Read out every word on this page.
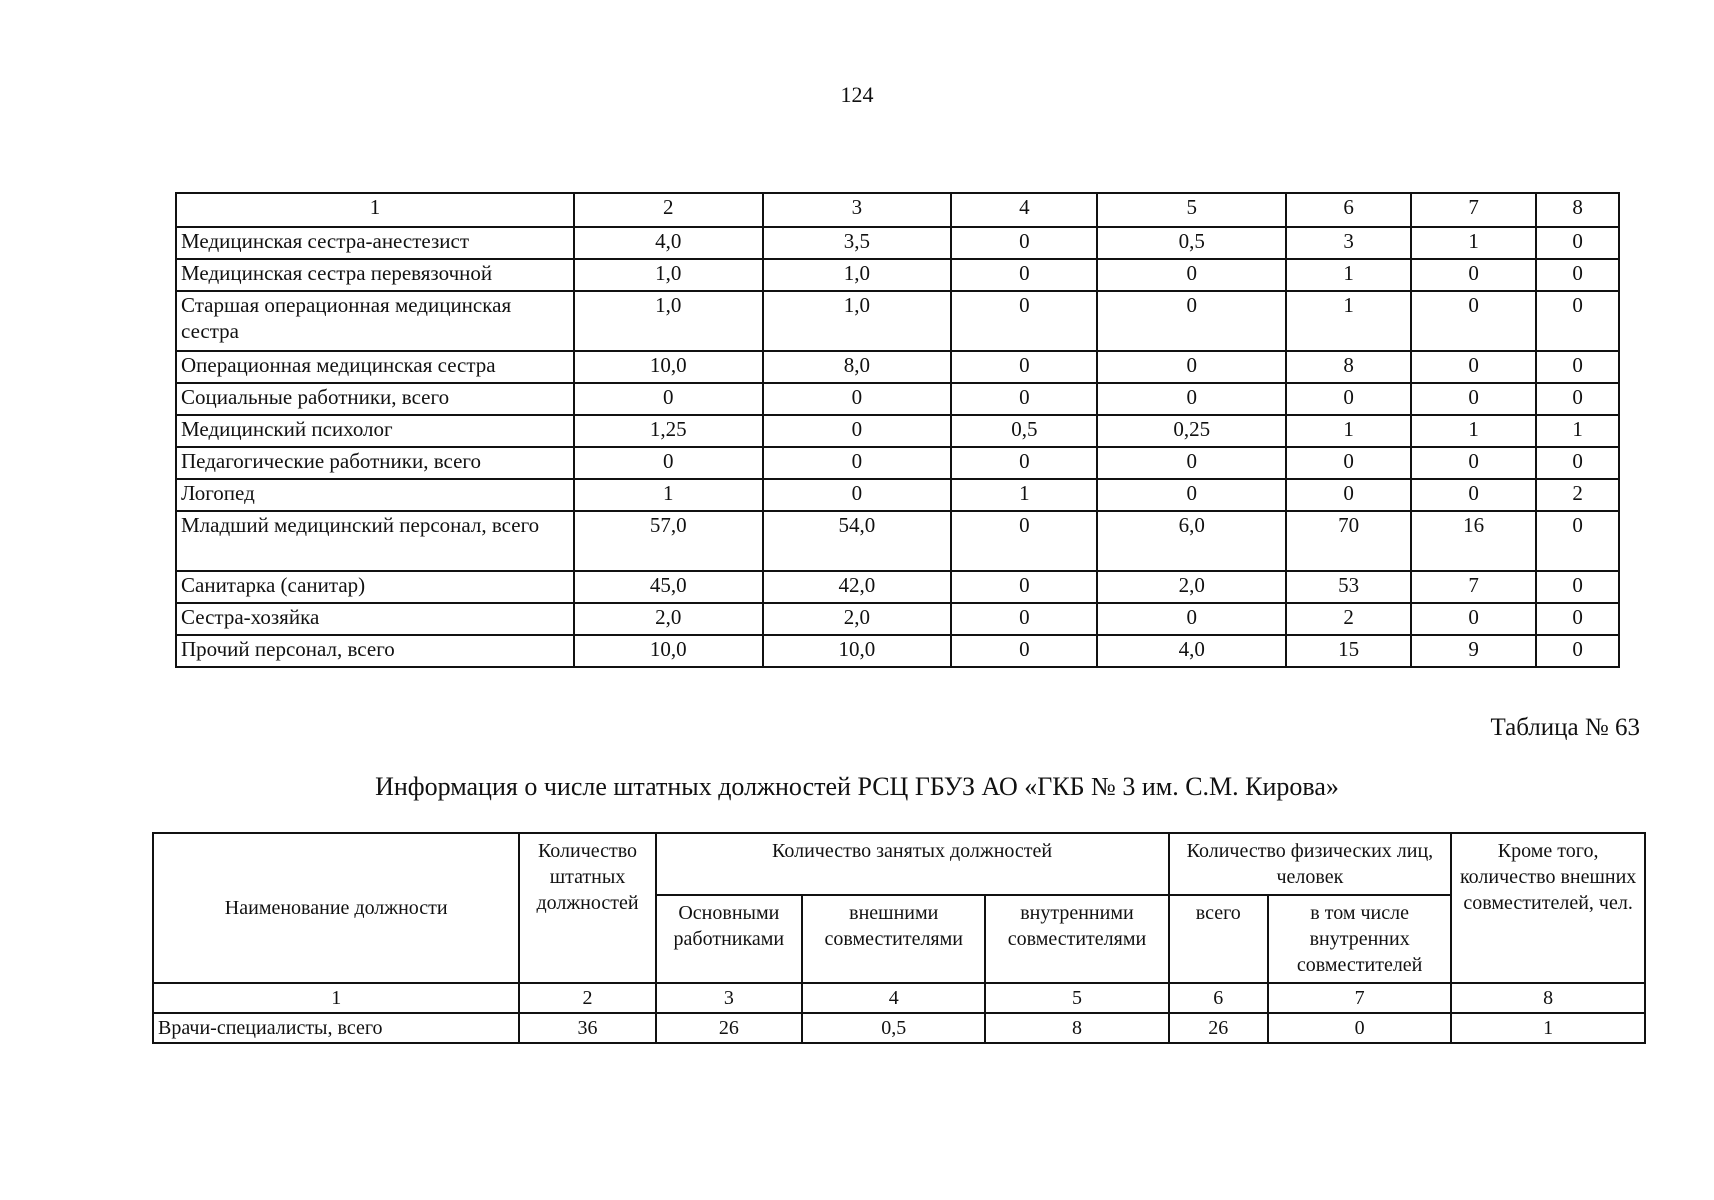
124
1	2	3	4	5	6	7	8
Медицинская сестра-анестезист	4,0	3,5	0	0,5	3	1	0
Медицинская сестра перевязочной	1,0	1,0	0	0	1	0	0
Старшая операционная медицинская сестра	1,0	1,0	0	0	1	0	0
Операционная медицинская сестра	10,0	8,0	0	0	8	0	0
Социальные работники, всего	0	0	0	0	0	0	0
Медицинский психолог	1,25	0	0,5	0,25	1	1	1
Педагогические работники, всего	0	0	0	0	0	0	0
Логопед	1	0	1	0	0	0	2
Младший медицинский персонал, всего	57,0	54,0	0	6,0	70	16	0
Санитарка (санитар)	45,0	42,0	0	2,0	53	7	0
Сестра-хозяйка	2,0	2,0	0	0	2	0	0
Прочий персонал, всего	10,0	10,0	0	4,0	15	9	0
Таблица № 63
Информация о числе штатных должностей РСЦ ГБУЗ АО «ГКБ № 3 им. С.М. Кирова»
Наименование должности	Количество штатных должностей	Количество занятых должностей			Количество физических лиц, человек		Кроме того, количество внешних совместителей, чел.
		Основными работниками	внешними совместителями	внутренними совместителями	всего	в том числе внутренних совместителей	
1	2	3	4	5	6	7	8
Врачи-специалисты, всего	36	26	0,5	8	26	0	1
